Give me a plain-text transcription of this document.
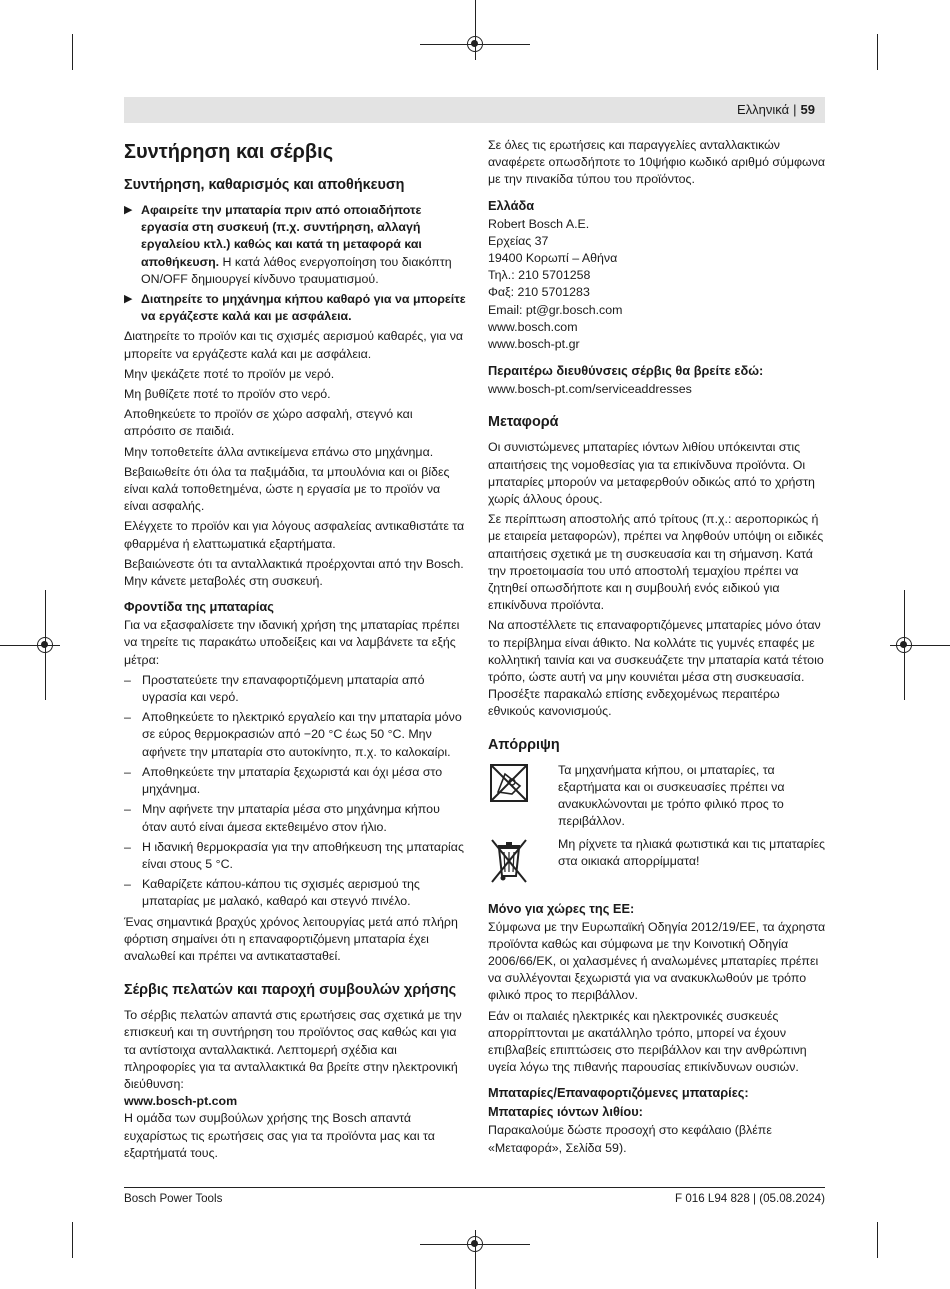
Ελληνικά | 59
Συντήρηση και σέρβις
Συντήρηση, καθαρισμός και αποθήκευση
▶ Αφαιρείτε την μπαταρία πριν από οποιαδήποτε εργασία στη συσκευή (π.χ. συντήρηση, αλλαγή εργαλείου κτλ.) καθώς και κατά τη μεταφορά και αποθήκευση. Η κατά λάθος ενεργοποίηση του διακόπτη ON/OFF δημιουργεί κίνδυνο τραυματισμού.
▶ Διατηρείτε το μηχάνημα κήπου καθαρό για να μπορείτε να εργάζεστε καλά και με ασφάλεια.

Διατηρείτε το προϊόν και τις σχισμές αερισμού καθαρές, για να μπορείτε να εργάζεστε καλά και με ασφάλεια.

Μην ψεκάζετε ποτέ το προϊόν με νερό.

Μη βυθίζετε ποτέ το προϊόν στο νερό.

Αποθηκεύετε το προϊόν σε χώρο ασφαλή, στεγνό και απρόσιτο σε παιδιά.

Μην τοποθετείτε άλλα αντικείμενα επάνω στο μηχάνημα.

Βεβαιωθείτε ότι όλα τα παξιμάδια, τα μπουλόνια και οι βίδες είναι καλά τοποθετημένα, ώστε η εργασία με το προϊόν να είναι ασφαλής.

Ελέγχετε το προϊόν και για λόγους ασφαλείας αντικαθιστάτε τα φθαρμένα ή ελαττωματικά εξαρτήματα.

Βεβαιώνεστε ότι τα ανταλλακτικά προέρχονται από την Bosch. Μην κάνετε μεταβολές στη συσκευή.

Φροντίδα της μπαταρίας

Για να εξασφαλίσετε την ιδανική χρήση της μπαταρίας πρέπει να τηρείτε τις παρακάτω υποδείξεις και να λαμβάνετε τα εξής μέτρα:

– Προστατεύετε την επαναφορτιζόμενη μπαταρία από υγρασία και νερό.
– Αποθηκεύετε το ηλεκτρικό εργαλείο και την μπαταρία μόνο σε εύρος θερμοκρασιών από −20 °C έως 50 °C. Μην αφήνετε την μπαταρία στο αυτοκίνητο, π.χ. το καλοκαίρι.
– Αποθηκεύετε την μπαταρία ξεχωριστά και όχι μέσα στο μηχάνημα.
– Μην αφήνετε την μπαταρία μέσα στο μηχάνημα κήπου όταν αυτό είναι άμεσα εκτεθειμένο στον ήλιο.
– Η ιδανική θερμοκρασία για την αποθήκευση της μπαταρίας είναι στους 5 °C.
– Καθαρίζετε κάπου-κάπου τις σχισμές αερισμού της μπαταρίας με μαλακό, καθαρό και στεγνό πινέλο.

Ένας σημαντικά βραχύς χρόνος λειτουργίας μετά από πλήρη φόρτιση σημαίνει ότι η επαναφορτιζόμενη μπαταρία έχει αναλωθεί και πρέπει να αντικατασταθεί.

Σέρβις πελατών και παροχή συμβουλών χρήσης

Το σέρβις πελατών απαντά στις ερωτήσεις σας σχετικά με την επισκευή και τη συντήρηση του προϊόντος σας καθώς και για τα αντίστοιχα ανταλλακτικά. Λεπτομερή σχέδια και πληροφορίες για τα ανταλλακτικά θα βρείτε στην ηλεκτρονική διεύθυνση:

www.bosch-pt.com

Η ομάδα των συμβούλων χρήσης της Bosch απαντά ευχαρίστως τις ερωτήσεις σας για τα προϊόντα μας και τα εξαρτήματά τους.

Σε όλες τις ερωτήσεις και παραγγελίες ανταλλακτικών αναφέρετε οπωσδήποτε το 10ψήφιο κωδικό αριθμό σύμφωνα με την πινακίδα τύπου του προϊόντος.

Ελλάδα

Robert Bosch A.E.

Ερχείας 37

19400 Κορωπί – Αθήνα

Τηλ.: 210 5701258

Φαξ: 210 5701283

Email: pt@gr.bosch.com

www.bosch.com

www.bosch-pt.gr

Περαιτέρω διευθύνσεις σέρβις θα βρείτε εδώ:

www.bosch-pt.com/serviceaddresses

Μεταφορά

Οι συνιστώμενες μπαταρίες ιόντων λιθίου υπόκεινται στις απαιτήσεις της νομοθεσίας για τα επικίνδυνα προϊόντα. Οι μπαταρίες μπορούν να μεταφερθούν οδικώς από το χρήστη χωρίς άλλους όρους.

Σε περίπτωση αποστολής από τρίτους (π.χ.: αεροπορικώς ή με εταιρεία μεταφορών), πρέπει να ληφθούν υπόψη οι ειδικές απαιτήσεις σχετικά με τη συσκευασία και τη σήμανση. Κατά την προετοιμασία του υπό αποστολή τεμαχίου πρέπει να ζητηθεί οπωσδήποτε και η συμβουλή ενός ειδικού για επικίνδυνα προϊόντα.

Να αποστέλλετε τις επαναφορτιζόμενες μπαταρίες μόνο όταν το περίβλημα είναι άθικτο. Να κολλάτε τις γυμνές επαφές με κολλητική ταινία και να συσκευάζετε την μπαταρία κατά τέτοιο τρόπο, ώστε αυτή να μην κουνιέται μέσα στη συσκευασία. Προσέξτε παρακαλώ επίσης ενδεχομένως περαιτέρω εθνικούς κανονισμούς.

Απόρριψη
Τα μηχανήματα κήπου, οι μπαταρίες, τα εξαρτήματα και οι συσκευασίες πρέπει να ανακυκλώνονται με τρόπο φιλικό προς το περιβάλλον.
Μη ρίχνετε τα ηλιακά φωτιστικά και τις μπαταρίες στα οικιακά απορρίμματα!
Μόνο για χώρες της ΕΕ:

Σύμφωνα με την Ευρωπαϊκή Οδηγία 2012/19/ΕΕ, τα άχρηστα προϊόντα καθώς και σύμφωνα με την Κοινοτική Οδηγία 2006/66/ΕΚ, οι χαλασμένες ή αναλωμένες μπαταρίες πρέπει να συλλέγονται ξεχωριστά για να ανακυκλωθούν με τρόπο φιλικό προς το περιβάλλον.

Εάν οι παλαιές ηλεκτρικές και ηλεκτρονικές συσκευές απορρίπτονται με ακατάλληλο τρόπο, μπορεί να έχουν επιβλαβείς επιπτώσεις στο περιβάλλον και την ανθρώπινη υγεία λόγω της πιθανής παρουσίας επικίνδυνων ουσιών.

Μπαταρίες/Επαναφορτιζόμενες μπαταρίες:
Μπαταρίες ιόντων λιθίου:

Παρακαλούμε δώστε προσοχή στο κεφάλαιο (βλέπε «Μεταφορά», Σελίδα 59).

Bosch Power Tools	F 016 L94 828 | (05.08.2024)
